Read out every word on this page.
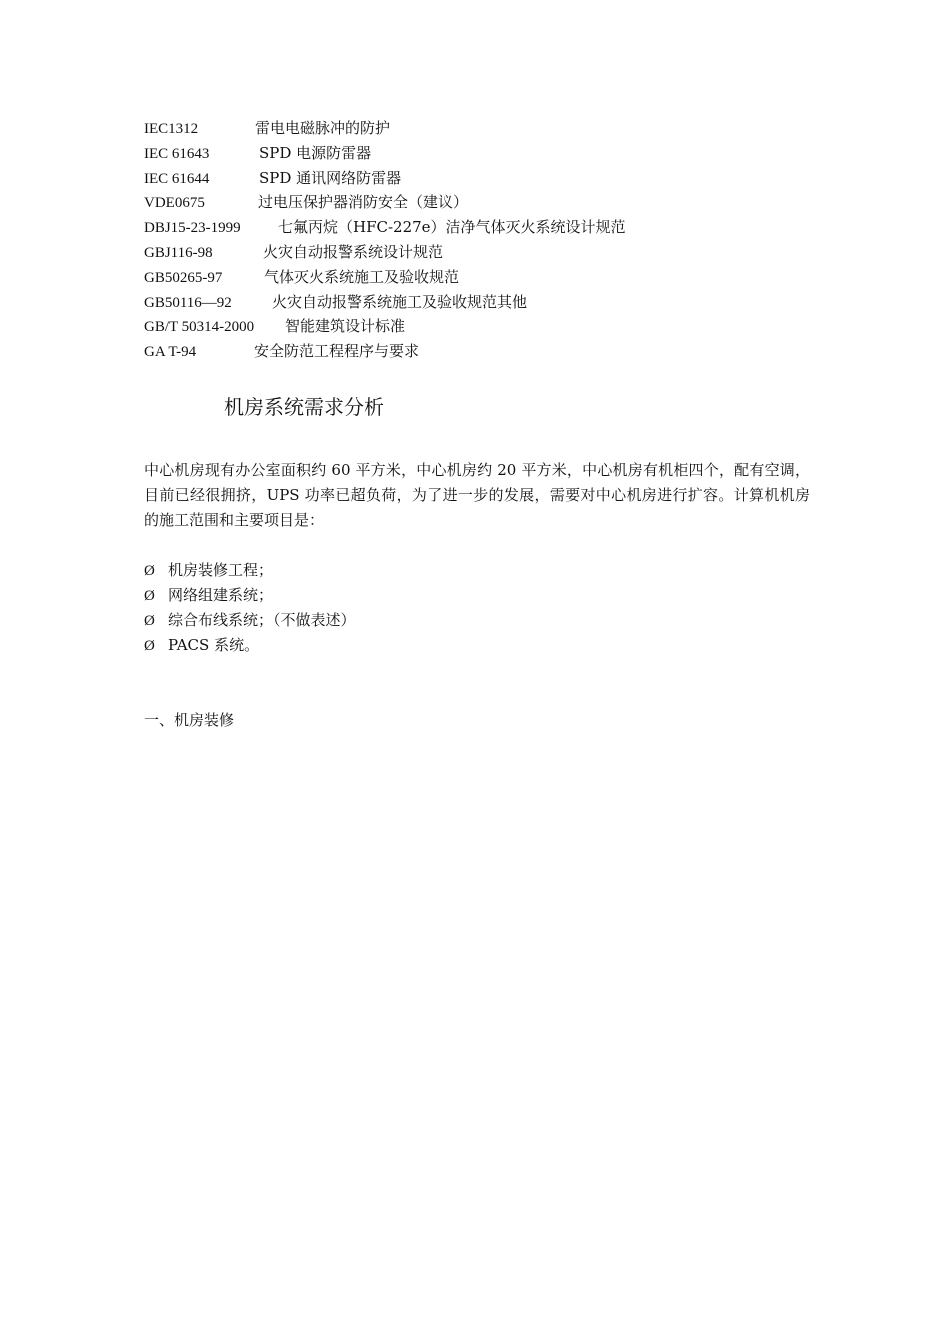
IEC1312	雷电电磁脉冲的防护
IEC 61643	SPD 电源防雷器
IEC 61644	SPD 通讯网络防雷器
VDE0675	过电压保护器消防安全（建议）
DBJ15-23-1999 七氟丙烷（HFC-227e）洁净气体灭火系统设计规范
GBJ116-98	火灾自动报警系统设计规范
GB50265-97	气体灭火系统施工及验收规范
GB50116—92	火灾自动报警系统施工及验收规范其他
GB/T 50314-2000 智能建筑设计标准
GA T-94	安全防范工程程序与要求
机房系统需求分析

中心机房现有办公室面积约 60 平方米，中心机房约 20 平方米，中心机房有机柜四个，配有空调，目前已经很拥挤，UPS 功率已超负荷，为了进一步的发展，需要对中心机房进行扩容。计算机机房的施工范围和主要项目是：

Ø 机房装修工程；
Ø 网络组建系统；
Ø 综合布线系统；（不做表述）
Ø PACS 系统。
一、机房装修
